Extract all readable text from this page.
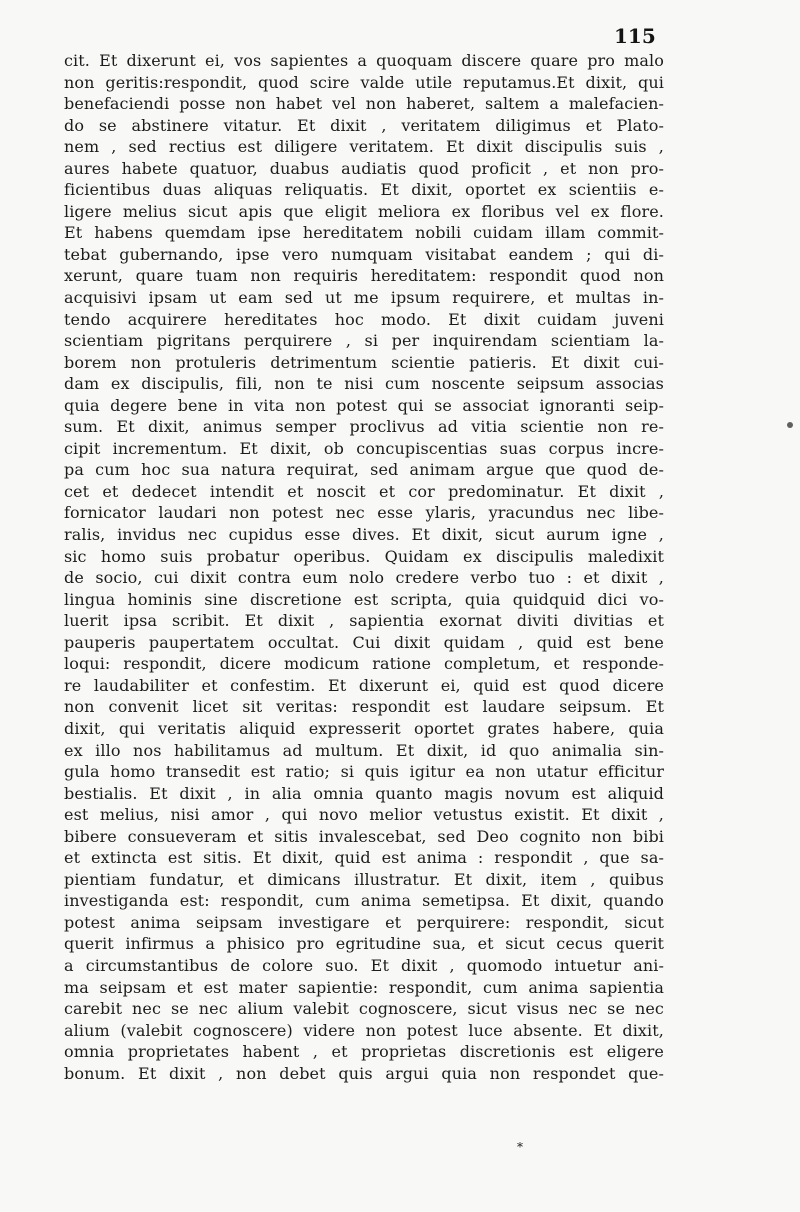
115
cit. Et dixerunt ei, vos sapientes a quoquam discere quare pro malo
non geritis:respondit, quod scire valde utile reputamus.Et dixit, qui
benefaciendi posse non habet vel non haberet, saltem a malefacien-
do se abstinere vitatur. Et dixit , veritatem diligimus et Plato-
nem , sed rectius est diligere veritatem. Et dixit discipulis suis ,
aures habete quatuor, duabus audiatis quod proficit , et non pro-
ficientibus duas aliquas reliquatis. Et dixit, oportet ex scientiis e-
ligere melius sicut apis que eligit meliora ex floribus vel ex flore.
Et habens quemdam ipse hereditatem nobili cuidam illam commit-
tebat gubernando, ipse vero numquam visitabat eandem ; qui di-
xerunt, quare tuam non requiris hereditatem: respondit quod non
acquisivi ipsam ut eam sed ut me ipsum requirere, et multas in-
tendo acquirere hereditates hoc modo. Et dixit cuidam juveni
scientiam pigritans perquirere , si per inquirendam scientiam la-
borem non protuleris detrimentum scientie patieris. Et dixit cui-
dam ex discipulis, fili, non te nisi cum noscente seipsum associas
quia degere bene in vita non potest qui se associat ignoranti seip-
sum. Et dixit, animus semper proclivus ad vitia scientie non re-
cipit incrementum. Et dixit, ob concupiscentias suas corpus incre-
pa cum hoc sua natura requirat, sed animam argue que quod de-
cet et dedecet intendit et noscit et cor predominatur. Et dixit ,
fornicator laudari non potest nec esse ylaris, yracundus nec libe-
ralis, invidus nec cupidus esse dives. Et dixit, sicut aurum igne ,
sic homo suis probatur operibus. Quidam ex discipulis maledixit
de socio, cui dixit contra eum nolo credere verbo tuo : et dixit ,
lingua hominis sine discretione est scripta, quia quidquid dici vo-
luerit ipsa scribit. Et dixit , sapientia exornat diviti divitias et
pauperis paupertatem occultat. Cui dixit quidam , quid est bene
loqui: respondit, dicere modicum ratione completum, et responde-
re laudabiliter et confestim. Et dixerunt ei, quid est quod dicere
non convenit licet sit veritas: respondit est laudare seipsum. Et
dixit, qui veritatis aliquid expresserit oportet grates habere, quia
ex illo nos habilitamus ad multum. Et dixit, id quo animalia sin-
gula homo transedit est ratio; si quis igitur ea non utatur efficitur
bestialis. Et dixit , in alia omnia quanto magis novum est aliquid
est melius, nisi amor , qui novo melior vetustus existit. Et dixit ,
bibere consueveram et sitis invalescebat, sed Deo cognito non bibi
et extincta est sitis. Et dixit, quid est anima : respondit , que sa-
pientiam fundatur, et dimicans illustratur. Et dixit, item , quibus
investiganda est: respondit, cum anima semetipsa. Et dixit, quando
potest anima seipsam investigare et perquirere: respondit, sicut
querit infirmus a phisico pro egritudine sua, et sicut cecus querit
a circumstantibus de colore suo. Et dixit , quomodo intuetur ani-
ma seipsam et est mater sapientie: respondit, cum anima sapientia
carebit nec se nec alium valebit cognoscere, sicut visus nec se nec
alium (valebit cognoscere) videre non potest luce absente. Et dixit,
omnia proprietates habent , et proprietas discretionis est eligere
bonum. Et dixit , non debet quis argui quia non respondet que-
*
